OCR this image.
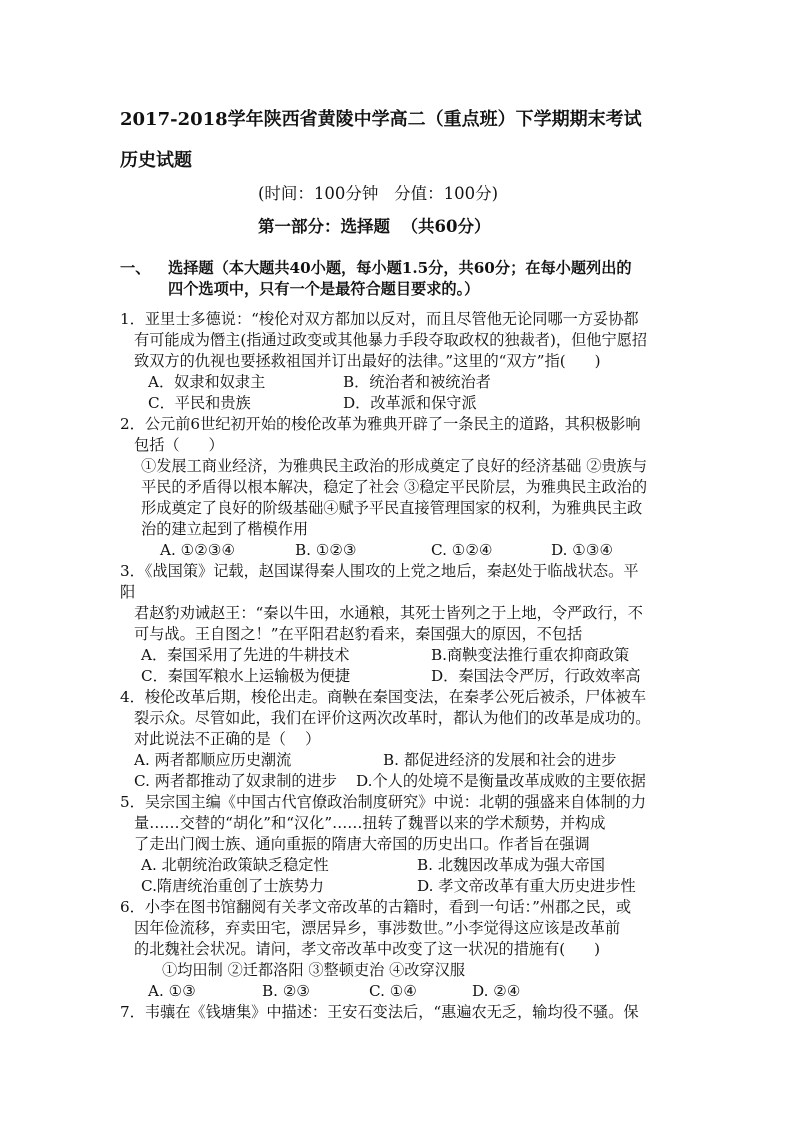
2017-2018学年陕西省黄陵中学高二（重点班）下学期期末考试
历史试题
(时间：100分钟   分值：100分)
第一部分：选择题  （共60分）
一、 选择题（本大题共40小题，每小题1.5分，共60分；在每小题列出的
四个选项中，只有一个是最符合题目要求的。）
1．亚里士多德说：“梭伦对双方都加以反对，而且尽管他无论同哪一方妥协都
有可能成为僭主(指通过政变或其他暴力手段夺取政权的独裁者)，但他宁愿招
致双方的仇视也要拯救祖国并订出最好的法律。”这里的“双方”指(      )
A．奴隶和奴隶主	B．统治者和被统治者
C．平民和贵族	D．改革派和保守派
2．公元前6世纪初开始的梭伦改革为雅典开辟了一条民主的道路，其积极影响
包括（      ）
①发展工商业经济，为雅典民主政治的形成奠定了良好的经济基础 ②贵族与
平民的矛盾得以根本解决，稳定了社会 ③稳定平民阶层，为雅典民主政治的
形成奠定了良好的阶级基础④赋予平民直接管理国家的权利，为雅典民主政
治的建立起到了楷模作用
A. ①②③④	B. ①②③	C. ①②④	D. ①③④
3．《战国策》记载，赵国谋得秦人围攻的上党之地后，秦赵处于临战状态。平
阳
君赵豹劝诫赵王：“秦以牛田，水通粮，其死士皆列之于上地，令严政行，不
可与战。王自图之！”在平阳君赵豹看来，秦国强大的原因，不包括
A．秦国采用了先进的牛耕技术	B.商鞅变法推行重农抑商政策
C．秦国军粮水上运输极为便捷	D．秦国法令严厉，行政效率高
4．梭伦改革后期，梭伦出走。商鞅在秦国变法，在秦孝公死后被杀，尸体被车
裂示众。尽管如此，我们在评价这两次改革时，都认为他们的改革是成功的。
对此说法不正确的是（    ）
A. 两者都顺应历史潮流	B. 都促进经济的发展和社会的进步
C. 两者都推动了奴隶制的进步 D.个人的处境不是衡量改革成败的主要依据
5．吴宗国主编《中国古代官僚政治制度研究》中说：北朝的强盛来自体制的力
量……交替的“胡化”和“汉化”……扭转了魏晋以来的学术颓势，并构成
了走出门阀士族、通向重振的隋唐大帝国的历史出口。作者旨在强调
A. 北朝统治政策缺乏稳定性	B. 北魏因改革成为强大帝国
C.隋唐统治重创了士族势力	D. 孝文帝改革有重大历史进步性
6．小李在图书馆翻阅有关孝文帝改革的古籍时，看到一句话：”州郡之民，或
因年俭流移，弃卖田宅，漂居异乡，事涉数世。”小李觉得这应该是改革前
的北魏社会状况。请问，孝文帝改革中改变了这一状况的措施有(      )
①均田制 ②迁都洛阳 ③整顿吏治 ④改穿汉服
A. ①③	B. ②③	C. ①④	D. ②④
7．韦骧在《钱塘集》中描述：王安石变法后，“惠遍农无乏，输均役不骚。保
